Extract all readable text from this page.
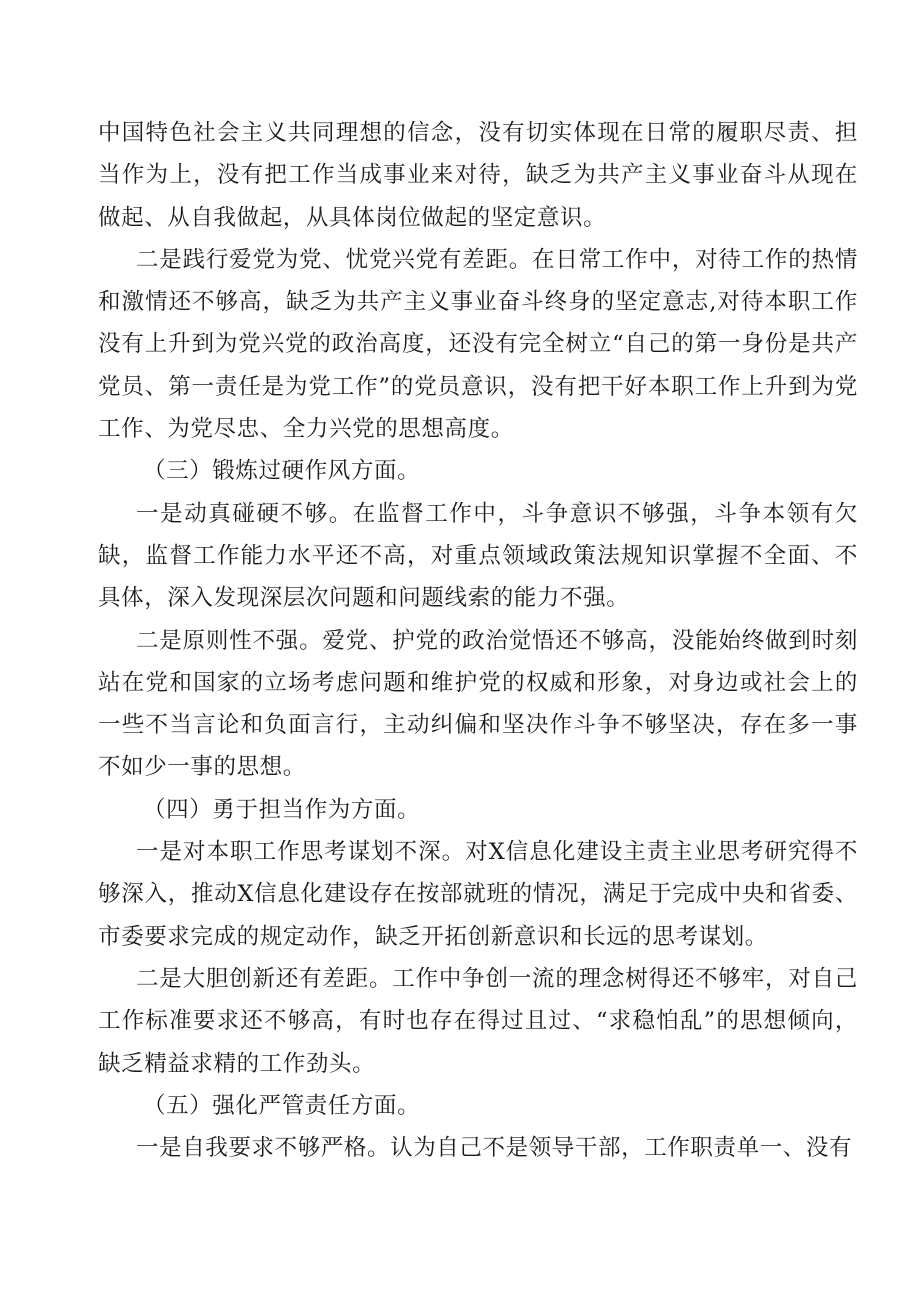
中国特色社会主义共同理想的信念，没有切实体现在日常的履职尽责、担当作为上，没有把工作当成事业来对待，缺乏为共产主义事业奋斗从现在做起、从自我做起，从具体岗位做起的坚定意识。

二是践行爱党为党、忧党兴党有差距。在日常工作中，对待工作的热情和激情还不够高，缺乏为共产主义事业奋斗终身的坚定意志,对待本职工作没有上升到为党兴党的政治高度，还没有完全树立“自己的第一身份是共产党员、第一责任是为党工作”的党员意识，没有把干好本职工作上升到为党工作、为党尽忠、全力兴党的思想高度。

（三）锻炼过硬作风方面。

一是动真碰硬不够。在监督工作中，斗争意识不够强，斗争本领有欠缺，监督工作能力水平还不高，对重点领域政策法规知识掌握不全面、不具体，深入发现深层次问题和问题线索的能力不强。

二是原则性不强。爱党、护党的政治觉悟还不够高，没能始终做到时刻站在党和国家的立场考虑问题和维护党的权威和形象，对身边或社会上的一些不当言论和负面言行，主动纠偏和坚决作斗争不够坚决，存在多一事不如少一事的思想。

（四）勇于担当作为方面。

一是对本职工作思考谋划不深。对X信息化建设主责主业思考研究得不够深入，推动X信息化建设存在按部就班的情况，满足于完成中央和省委、市委要求完成的规定动作，缺乏开拓创新意识和长远的思考谋划。

二是大胆创新还有差距。工作中争创一流的理念树得还不够牢，对自己工作标准要求还不够高，有时也存在得过且过、“求稳怕乱”的思想倾向，缺乏精益求精的工作劲头。

（五）强化严管责任方面。

一是自我要求不够严格。认为自己不是领导干部，工作职责单一、没有
